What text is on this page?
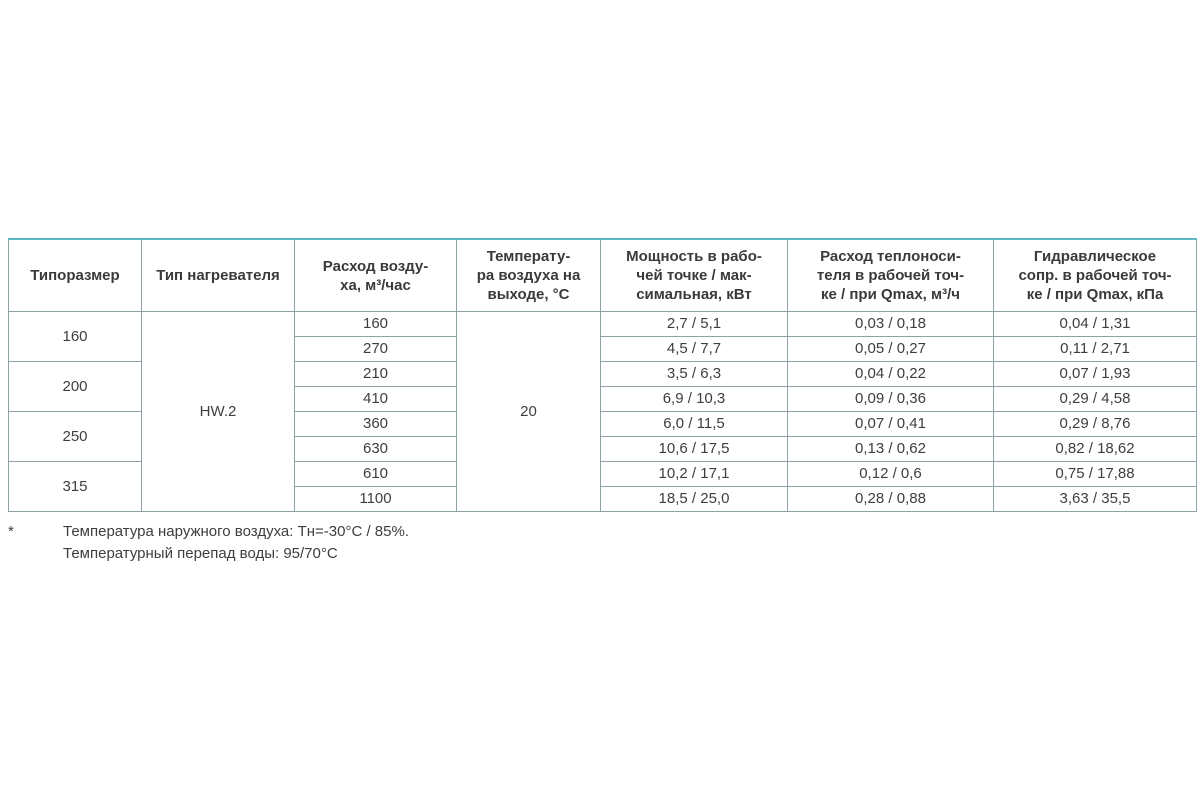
Типоразмер	Тип нагревателя	Расход возду-
ха, м³/час	Температу-
ра воздуха на
выходе, °С	Мощность в рабо-
чей точке / мак-
симальная, кВт	Расход теплоноси-
теля в рабочей точ-
ке / при Qmax, м³/ч	Гидравлическое
сопр. в рабочей точ-
ке / при Qmax, кПа
160	HW.2	160	20	2,7 / 5,1	0,03 / 0,18	0,04 / 1,31
		270		4,5 / 7,7	0,05 / 0,27	0,11 / 2,71
200		210		3,5 / 6,3	0,04 / 0,22	0,07 / 1,93
		410		6,9 / 10,3	0,09 / 0,36	0,29 / 4,58
250		360		6,0 / 11,5	0,07 / 0,41	0,29 / 8,76
		630		10,6 / 17,5	0,13 / 0,62	0,82 / 18,62
315		610		10,2 / 17,1	0,12 / 0,6	0,75 / 17,88
		1100		18,5 / 25,0	0,28 / 0,88	3,63 / 35,5
*	Температура наружного воздуха: Тн=-30°С / 85%.
Температурный перепад воды: 95/70°С
